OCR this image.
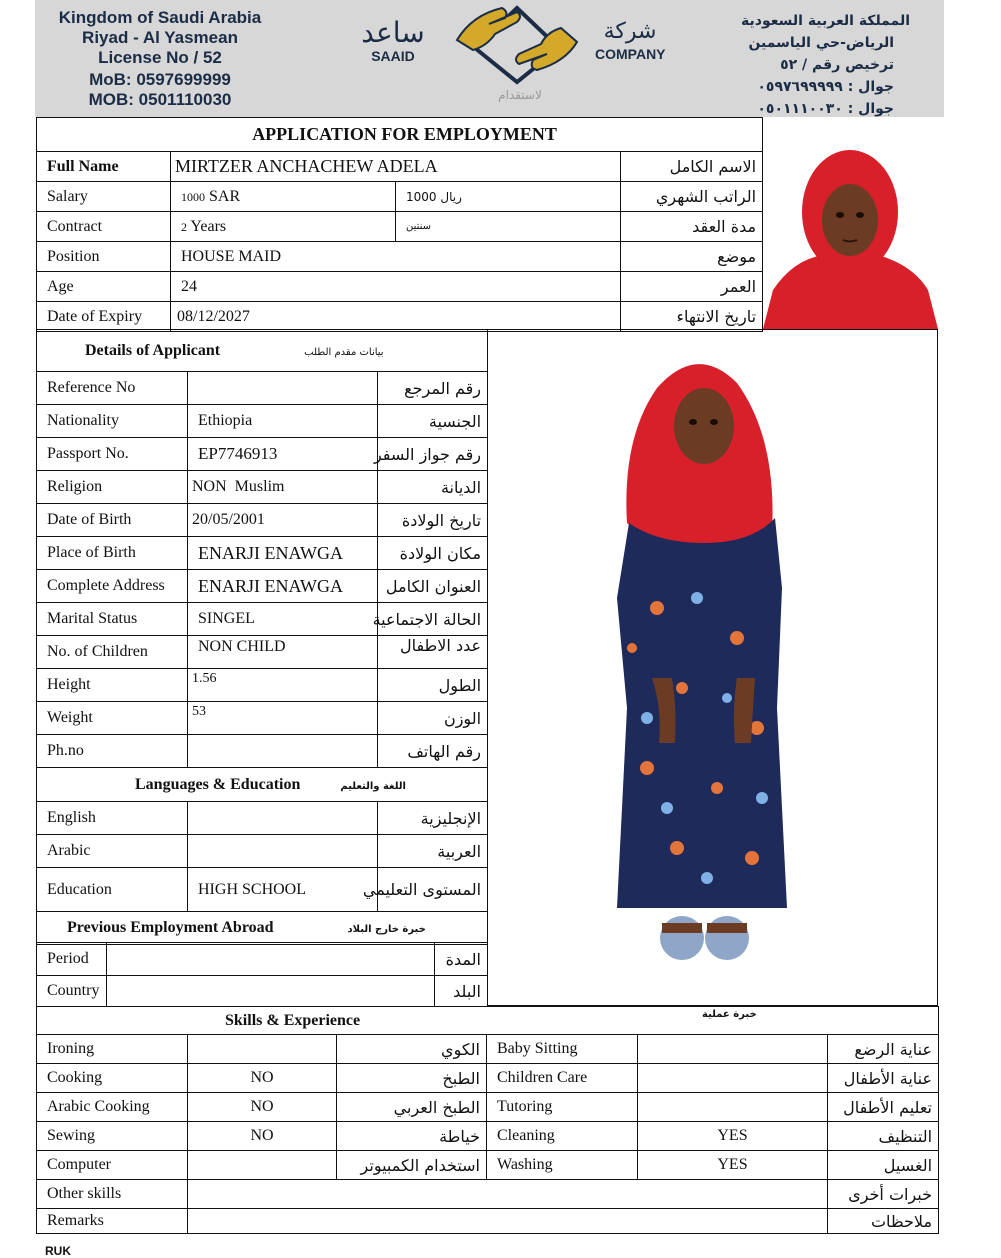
Kingdom of Saudi Arabia
Riyad - Al Yasmean
License No / 52
MoB: 0597699999
MOB: 0501110030
ساعد
SAAID
شركة
COMPANY
لاستقدام
المملكة العربية السعودية
الرياض-حي الياسمين
ترخيص رقم / ٥٢
جوال : ٠٥٩٧٦٩٩٩٩٩
جوال : ٠٥٠١١١٠٠٣٠
APPLICATION FOR EMPLOYMENT			
Full Name	MIRTZER ANCHACHEW ADELA		الاسم الكامل
Salary	1000 SAR	ريال 1000	الراتب الشهري
Contract	2 Years	سنتين	مدة العقد
Position	HOUSE MAID		موضع
Age	24		العمر
Date of Expiry	08/12/2027		تاريخ الانتهاء
Details of Applicant بيانات مقدم الطلب		
Reference No		رقم المرجع
Nationality	Ethiopia	الجنسية
Passport No.	EP7746913	رقم جواز السفر
Religion	NON  Muslim	الديانة
Date of Birth	20/05/2001	تاريخ الولادة
Place of Birth	ENARJI ENAWGA	مكان الولادة
Complete Address	ENARJI ENAWGA	العنوان الكامل
Marital Status	SINGEL	الحالة الاجتماعية
No. of Children	NON CHILD	عدد الاطفال
Height	1.56	الطول
Weight	53	الوزن
Ph.no		رقم الهاتف
Languages & Education اللغة والتعليم		
English		الإنجليزية
Arabic		العربية
Education	HIGH SCHOOL	المستوى التعليمي
Previous Employment Abroad خبرة خارج البلاد		
Period		المدة
Country		البلد
Skills & Experience خبرة عملية					

Ironing		الكوي	Baby Sitting		عناية الرضع
Cooking	NO	الطبخ	Children Care		عناية الأطفال
Arabic Cooking	NO	الطبخ العربي	Tutoring		تعليم الأطفال
Sewing	NO	خياطة	Cleaning	YES	التنظيف
Computer		استخدام الكمبيوتر	Washing	YES	الغسيل
Other skills					خبرات أخرى
Remarks					ملاحظات
RUK
